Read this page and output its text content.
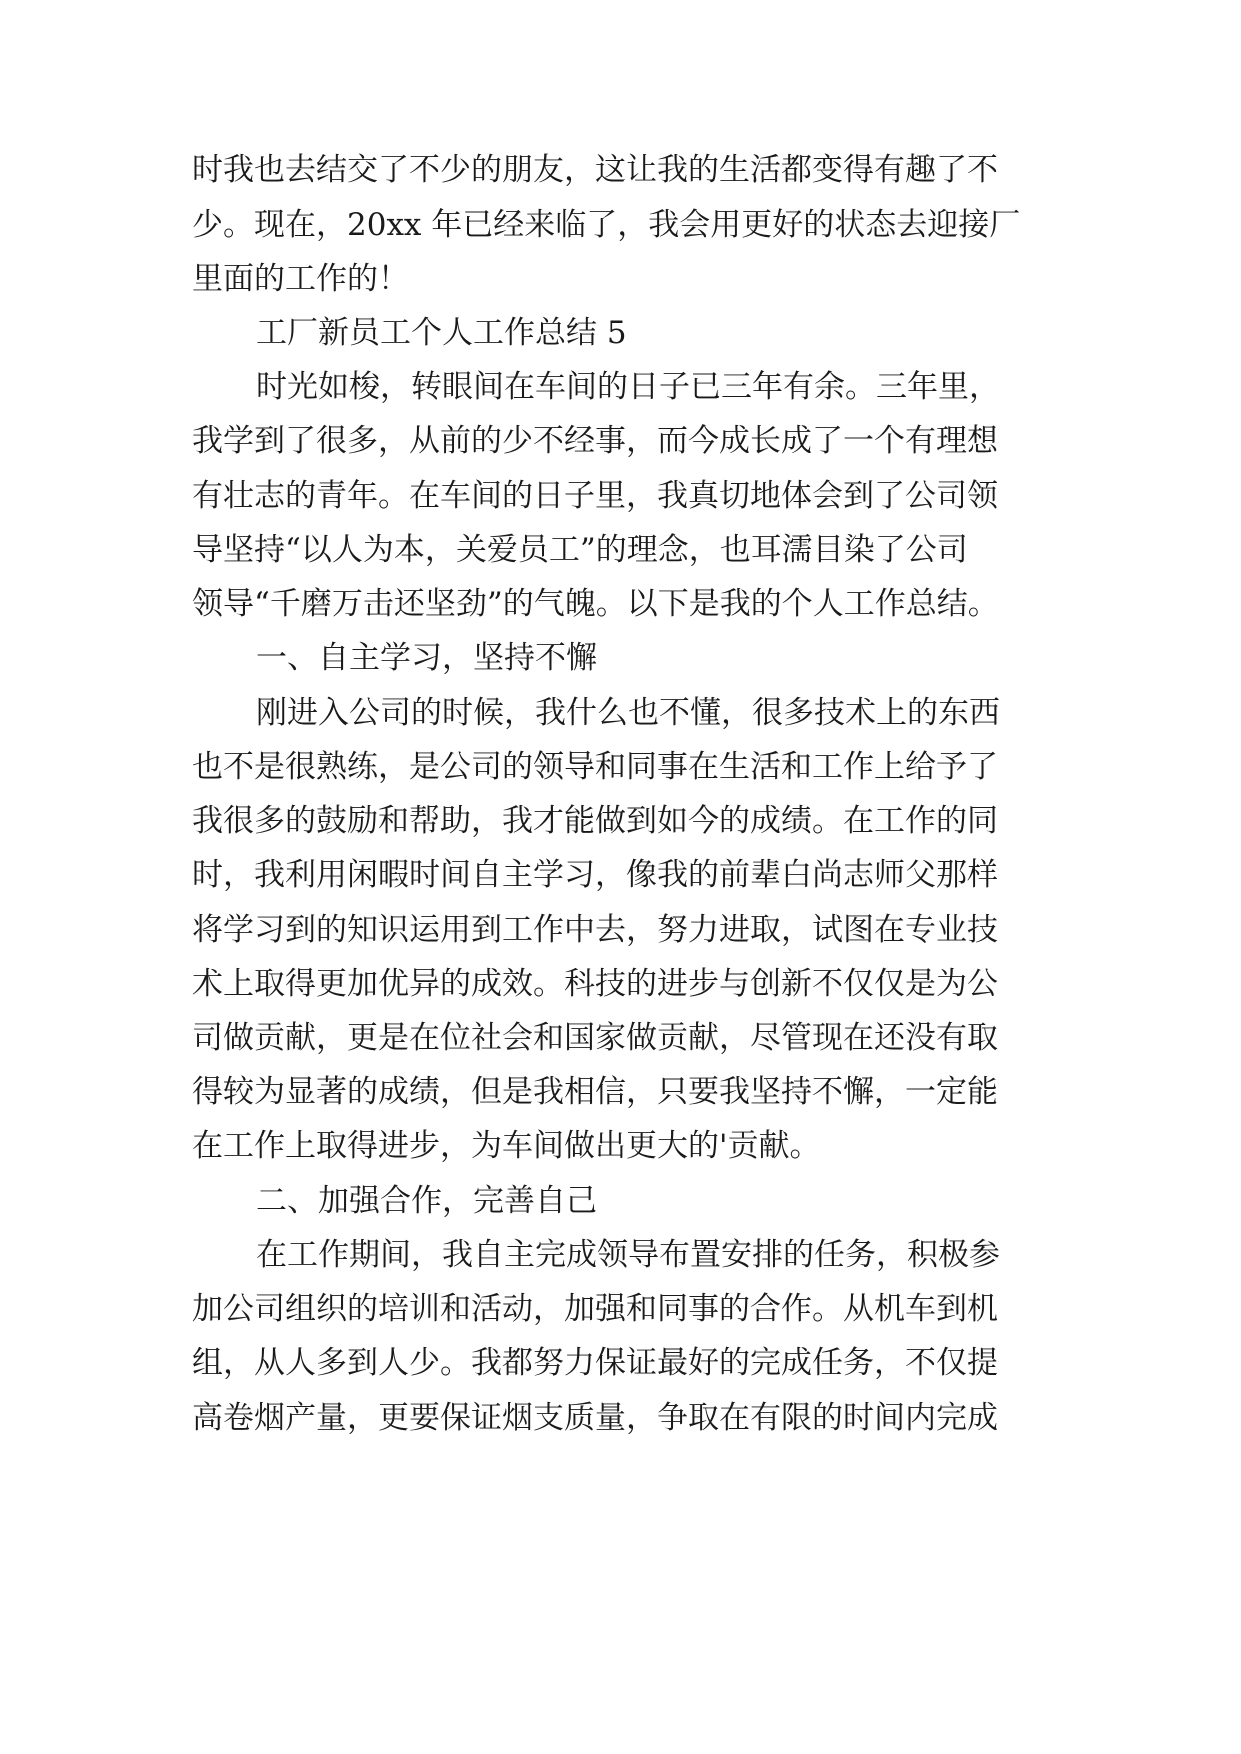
时我也去结交了不少的朋友，这让我的生活都变得有趣了不
少。现在，20xx 年已经来临了，我会用更好的状态去迎接厂
里面的工作的！
工厂新员工个人工作总结 5
时光如梭，转眼间在车间的日子已三年有余。三年里，
我学到了很多，从前的少不经事，而今成长成了一个有理想
有壮志的青年。在车间的日子里，我真切地体会到了公司领
导坚持“以人为本，关爱员工”的理念，也耳濡目染了公司
领导“千磨万击还坚劲”的气魄。以下是我的个人工作总结。
一、自主学习，坚持不懈
刚进入公司的时候，我什么也不懂，很多技术上的东西
也不是很熟练，是公司的领导和同事在生活和工作上给予了
我很多的鼓励和帮助，我才能做到如今的成绩。在工作的同
时，我利用闲暇时间自主学习，像我的前辈白尚志师父那样
将学习到的知识运用到工作中去，努力进取，试图在专业技
术上取得更加优异的成效。科技的进步与创新不仅仅是为公
司做贡献，更是在位社会和国家做贡献，尽管现在还没有取
得较为显著的成绩，但是我相信，只要我坚持不懈，一定能
在工作上取得进步，为车间做出更大的'贡献。
二、加强合作，完善自己
在工作期间，我自主完成领导布置安排的任务，积极参
加公司组织的培训和活动，加强和同事的合作。从机车到机
组，从人多到人少。我都努力保证最好的完成任务，不仅提
高卷烟产量，更要保证烟支质量，争取在有限的时间内完成
